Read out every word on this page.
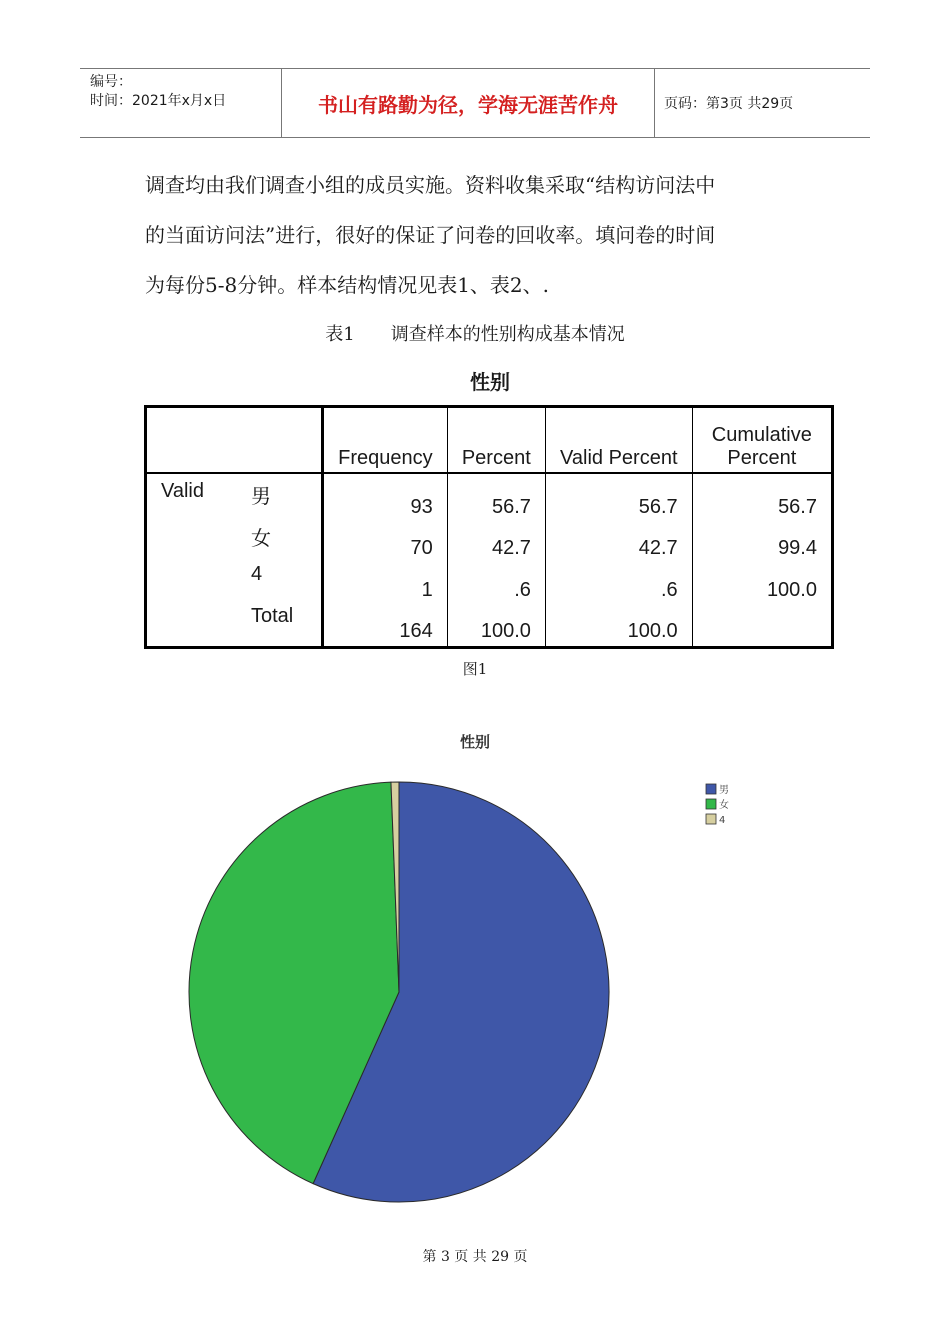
编号：
时间：2021年x月x日	书山有路勤为径，学海无涯苦作舟	页码：第3页 共29页
调查均由我们调查小组的成员实施。资料收集采取“结构访问法中
的当面访问法”进行，很好的保证了问卷的回收率。填问卷的时间
为每份5-8分钟。样本结构情况见表1、表2、.
表1　　调查样本的性别构成基本情况
性别
		Frequency	Percent	Valid Percent	Cumulative Percent

Valid	男	93	56.7	56.7	56.7
	女	70	42.7	42.7	99.4
	4	1	.6	.6	100.0
	Total	164	100.0	100.0	
图1
性别
男
女
4
第 3 页 共 29 页
